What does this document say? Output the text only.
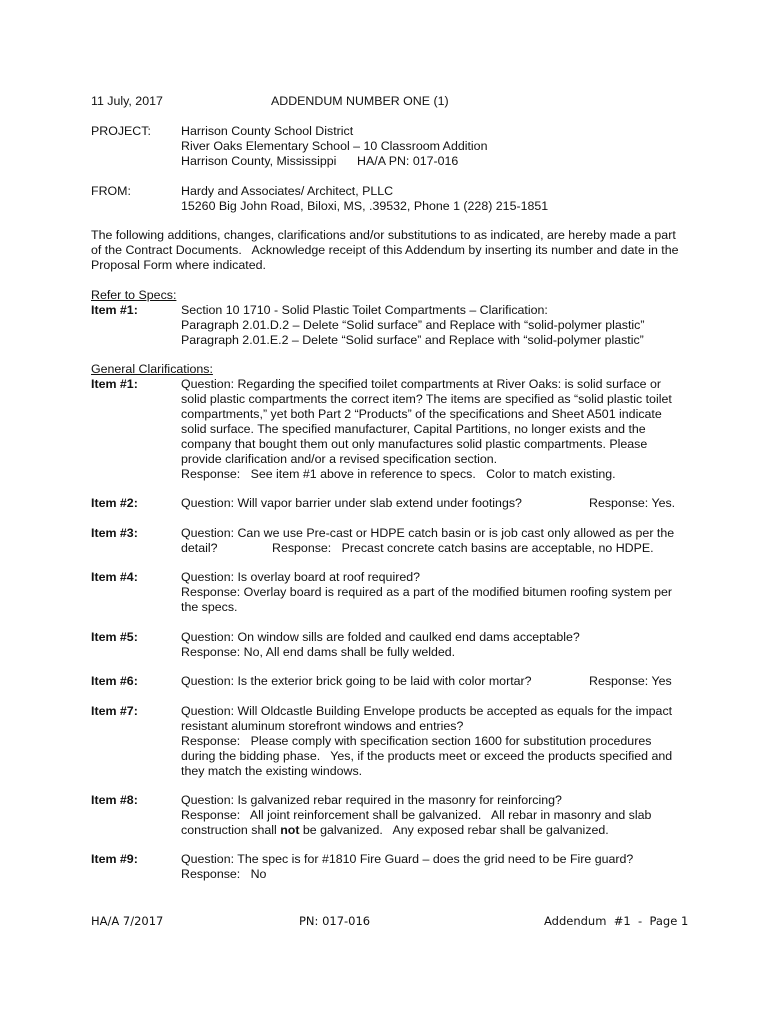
11 July, 2017	ADDENDUM NUMBER ONE (1)
PROJECT: Harrison County School District
River Oaks Elementary School – 10 Classroom Addition
Harrison County, Mississippi      HA/A PN: 017-016
FROM:	Hardy and Associates/ Architect, PLLC
15260 Big John Road, Biloxi, MS, .39532, Phone 1 (228) 215-1851
The following additions, changes, clarifications and/or substitutions to as indicated, are hereby made a part
of the Contract Documents.   Acknowledge receipt of this Addendum by inserting its number and date in the
Proposal Form where indicated.
Refer to Specs:
Item #1:	Section 10 1710 - Solid Plastic Toilet Compartments – Clarification:
Paragraph 2.01.D.2 – Delete “Solid surface” and Replace with “solid-polymer plastic”
Paragraph 2.01.E.2 – Delete “Solid surface” and Replace with “solid-polymer plastic”
General Clarifications:
Item #1:	Question: Regarding the specified toilet compartments at River Oaks: is solid surface or
solid plastic compartments the correct item? The items are specified as “solid plastic toilet
compartments,” yet both Part 2 “Products” of the specifications and Sheet A501 indicate
solid surface. The specified manufacturer, Capital Partitions, no longer exists and the
company that bought them out only manufactures solid plastic compartments. Please
provide clarification and/or a revised specification section.
Response:   See item #1 above in reference to specs.   Color to match existing.
Item #2:	Question: Will vapor barrier under slab extend under footings?	Response: Yes.
Item #3:	Question: Can we use Pre-cast or HDPE catch basin or is job cast only allowed as per the
detail?	Response:   Precast concrete catch basins are acceptable, no HDPE.
Item #4:	Question: Is overlay board at roof required?
Response: Overlay board is required as a part of the modified bitumen roofing system per
the specs.
Item #5:	Question: On window sills are folded and caulked end dams acceptable?
Response: No, All end dams shall be fully welded.
Item #6:	Question: Is the exterior brick going to be laid with color mortar?	Response: Yes
Item #7:	Question: Will Oldcastle Building Envelope products be accepted as equals for the impact
resistant aluminum storefront windows and entries?
Response:   Please comply with specification section 1600 for substitution procedures
during the bidding phase.   Yes, if the products meet or exceed the products specified and
they match the existing windows.
Item #8:	Question: Is galvanized rebar required in the masonry for reinforcing?
Response:   All joint reinforcement shall be galvanized.   All rebar in masonry and slab
construction shall not be galvanized.   Any exposed rebar shall be galvanized.
Item #9:	Question: The spec is for #1810 Fire Guard – does the grid need to be Fire guard?
Response:   No
HA/A 7/2017	PN: 017-016	Addendum  #1  -  Page 1
